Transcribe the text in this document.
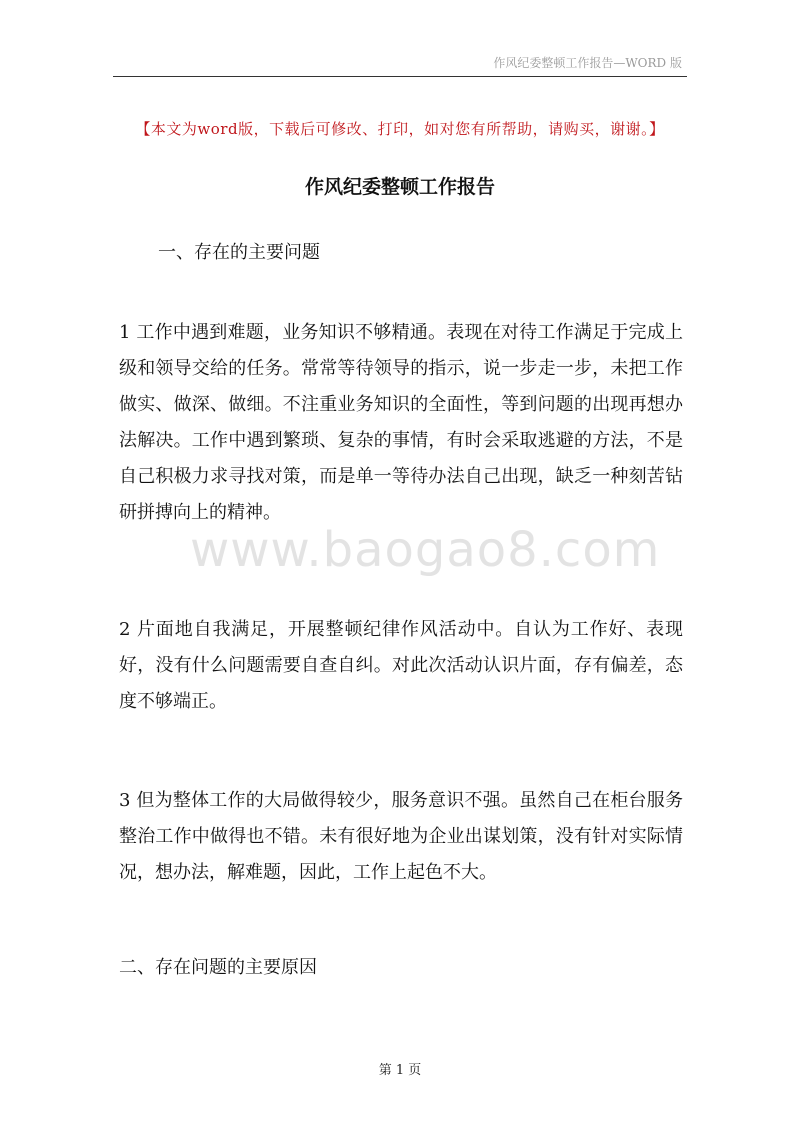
作风纪委整顿工作报告—WORD 版
【本文为word版，下载后可修改、打印，如对您有所帮助，请购买，谢谢。】
作风纪委整顿工作报告
一、存在的主要问题
1 工作中遇到难题，业务知识不够精通。表现在对待工作满足于完成上级和领导交给的任务。常常等待领导的指示，说一步走一步，未把工作做实、做深、做细。不注重业务知识的全面性，等到问题的出现再想办法解决。工作中遇到繁琐、复杂的事情，有时会采取逃避的方法，不是自己积极力求寻找对策，而是单一等待办法自己出现，缺乏一种刻苦钻研拼搏向上的精神。
www.baogao8.com
2 片面地自我满足，开展整顿纪律作风活动中。自认为工作好、表现好，没有什么问题需要自查自纠。对此次活动认识片面，存有偏差，态度不够端正。
3 但为整体工作的大局做得较少，服务意识不强。虽然自己在柜台服务整治工作中做得也不错。未有很好地为企业出谋划策，没有针对实际情况，想办法，解难题，因此，工作上起色不大。
二、存在问题的主要原因
第 1 页
